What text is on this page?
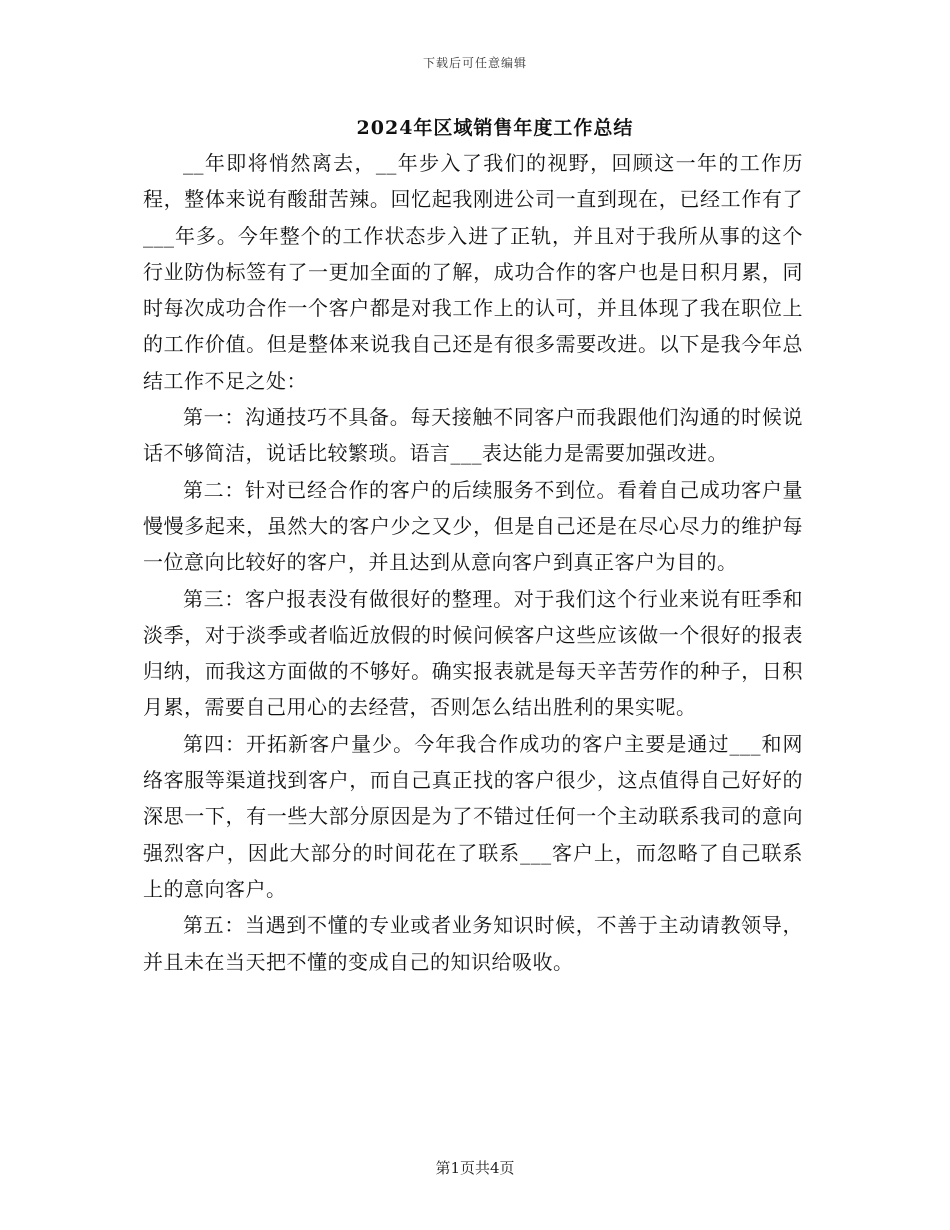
下载后可任意编辑
2024年区域销售年度工作总结

__年即将悄然离去，__年步入了我们的视野，回顾这一年的工作历程，整体来说有酸甜苦辣。回忆起我刚进公司一直到现在，已经工作有了___年多。今年整个的工作状态步入进了正轨，并且对于我所从事的这个行业防伪标签有了一更加全面的了解，成功合作的客户也是日积月累，同时每次成功合作一个客户都是对我工作上的认可，并且体现了我在职位上的工作价值。但是整体来说我自己还是有很多需要改进。以下是我今年总结工作不足之处：

第一：沟通技巧不具备。每天接触不同客户而我跟他们沟通的时候说话不够简洁，说话比较繁琐。语言___表达能力是需要加强改进。

第二：针对已经合作的客户的后续服务不到位。看着自己成功客户量慢慢多起来，虽然大的客户少之又少，但是自己还是在尽心尽力的维护每一位意向比较好的客户，并且达到从意向客户到真正客户为目的。

第三：客户报表没有做很好的整理。对于我们这个行业来说有旺季和淡季，对于淡季或者临近放假的时候问候客户这些应该做一个很好的报表归纳，而我这方面做的不够好。确实报表就是每天辛苦劳作的种子，日积月累，需要自己用心的去经营，否则怎么结出胜利的果实呢。

第四：开拓新客户量少。今年我合作成功的客户主要是通过___和网络客服等渠道找到客户，而自己真正找的客户很少，这点值得自己好好的深思一下，有一些大部分原因是为了不错过任何一个主动联系我司的意向强烈客户，因此大部分的时间花在了联系___客户上，而忽略了自己联系上的意向客户。

第五：当遇到不懂的专业或者业务知识时候，不善于主动请教领导，并且未在当天把不懂的变成自己的知识给吸收。

第1页共4页
